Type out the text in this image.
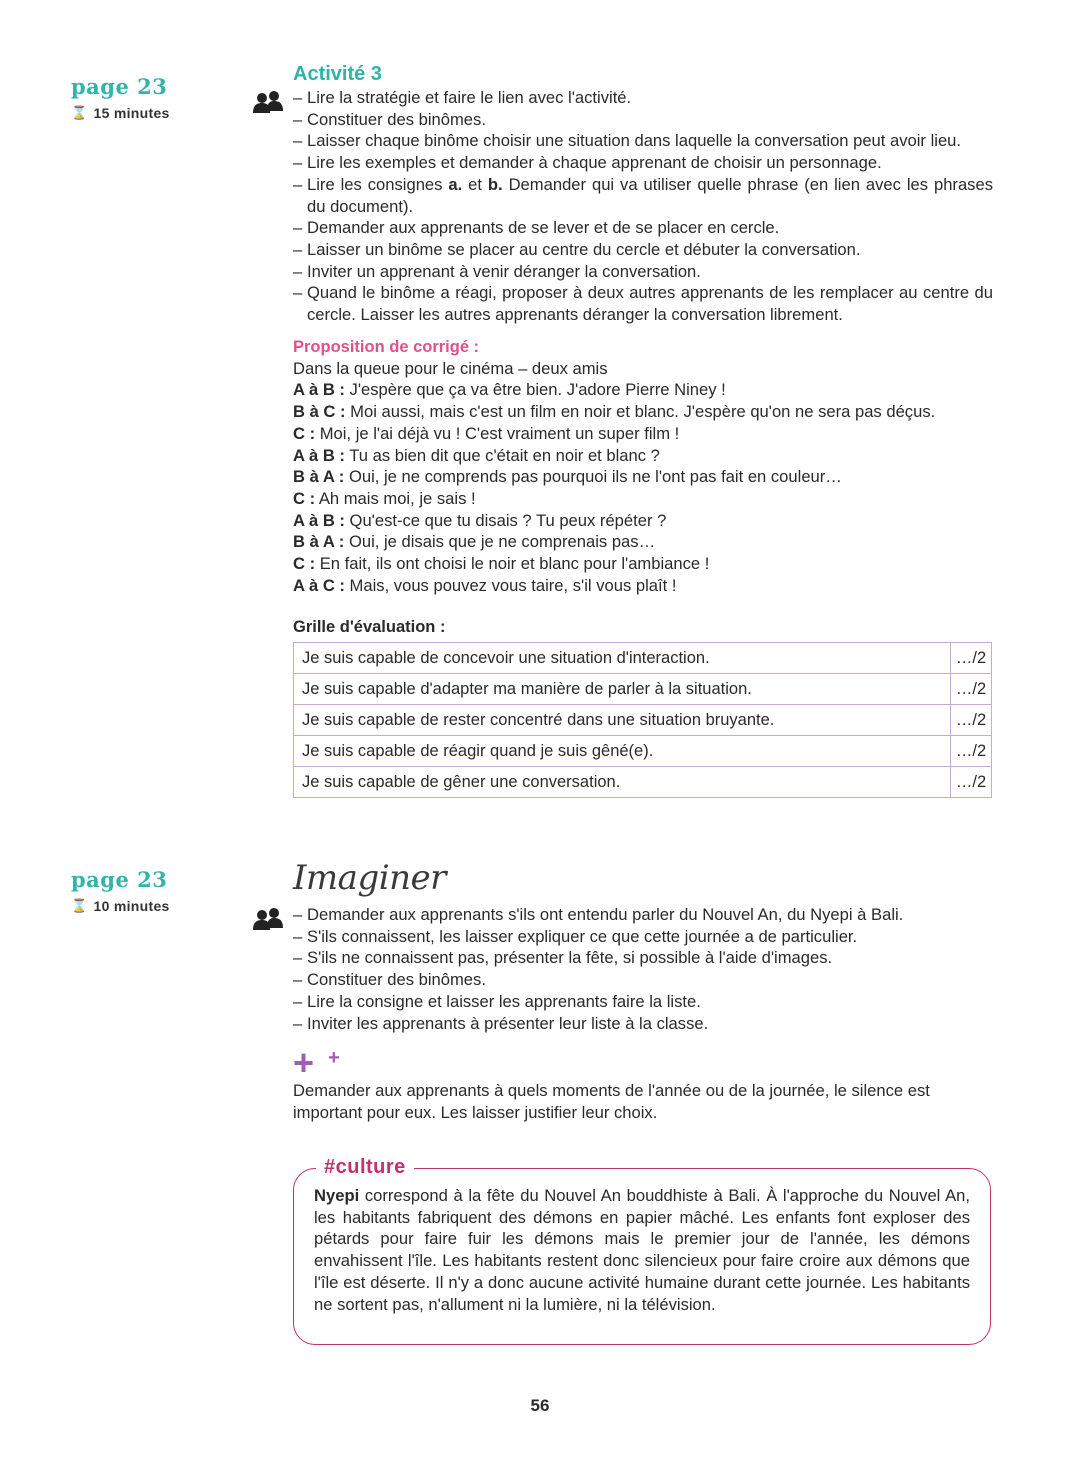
page 23
⌛ 15 minutes
Activité 3
– Lire la stratégie et faire le lien avec l'activité.
– Constituer des binômes.
– Laisser chaque binôme choisir une situation dans laquelle la conversation peut avoir lieu.
– Lire les exemples et demander à chaque apprenant de choisir un personnage.
– Lire les consignes a. et b. Demander qui va utiliser quelle phrase (en lien avec les phrases du document).
– Demander aux apprenants de se lever et de se placer en cercle.
– Laisser un binôme se placer au centre du cercle et débuter la conversation.
– Inviter un apprenant à venir déranger la conversation.
– Quand le binôme a réagi, proposer à deux autres apprenants de les remplacer au centre du cercle. Laisser les autres apprenants déranger la conversation librement.
Proposition de corrigé :
Dans la queue pour le cinéma – deux amis
A à B : J'espère que ça va être bien. J'adore Pierre Niney !
B à C : Moi aussi, mais c'est un film en noir et blanc. J'espère qu'on ne sera pas déçus.
C : Moi, je l'ai déjà vu ! C'est vraiment un super film !
A à B : Tu as bien dit que c'était en noir et blanc ?
B à A : Oui, je ne comprends pas pourquoi ils ne l'ont pas fait en couleur…
C : Ah mais moi, je sais !
A à B : Qu'est-ce que tu disais ? Tu peux répéter ?
B à A : Oui, je disais que je ne comprenais pas…
C : En fait, ils ont choisi le noir et blanc pour l'ambiance !
A à C : Mais, vous pouvez vous taire, s'il vous plaît !
Grille d'évaluation :
Je suis capable de concevoir une situation d'interaction.	…/2
Je suis capable d'adapter ma manière de parler à la situation.	…/2
Je suis capable de rester concentré dans une situation bruyante.	…/2
Je suis capable de réagir quand je suis gêné(e).	…/2
Je suis capable de gêner une conversation.	…/2
page 23
⌛ 10 minutes
Imaginer
– Demander aux apprenants s'ils ont entendu parler du Nouvel An, du Nyepi à Bali.
– S'ils connaissent, les laisser expliquer ce que cette journée a de particulier.
– S'ils ne connaissent pas, présenter la fête, si possible à l'aide d'images.
– Constituer des binômes.
– Lire la consigne et laisser les apprenants faire la liste.
– Inviter les apprenants à présenter leur liste à la classe.
+ +
Demander aux apprenants à quels moments de l'année ou de la journée, le silence est important pour eux. Les laisser justifier leur choix.
#culture
Nyepi correspond à la fête du Nouvel An bouddhiste à Bali. À l'approche du Nouvel An, les habitants fabriquent des démons en papier mâché. Les enfants font exploser des pétards pour faire fuir les démons mais le premier jour de l'année, les démons envahissent l'île. Les habitants restent donc silencieux pour faire croire aux démons que l'île est déserte. Il n'y a donc aucune activité humaine durant cette journée. Les habitants ne sortent pas, n'allument ni la lumière, ni la télévision.
56
